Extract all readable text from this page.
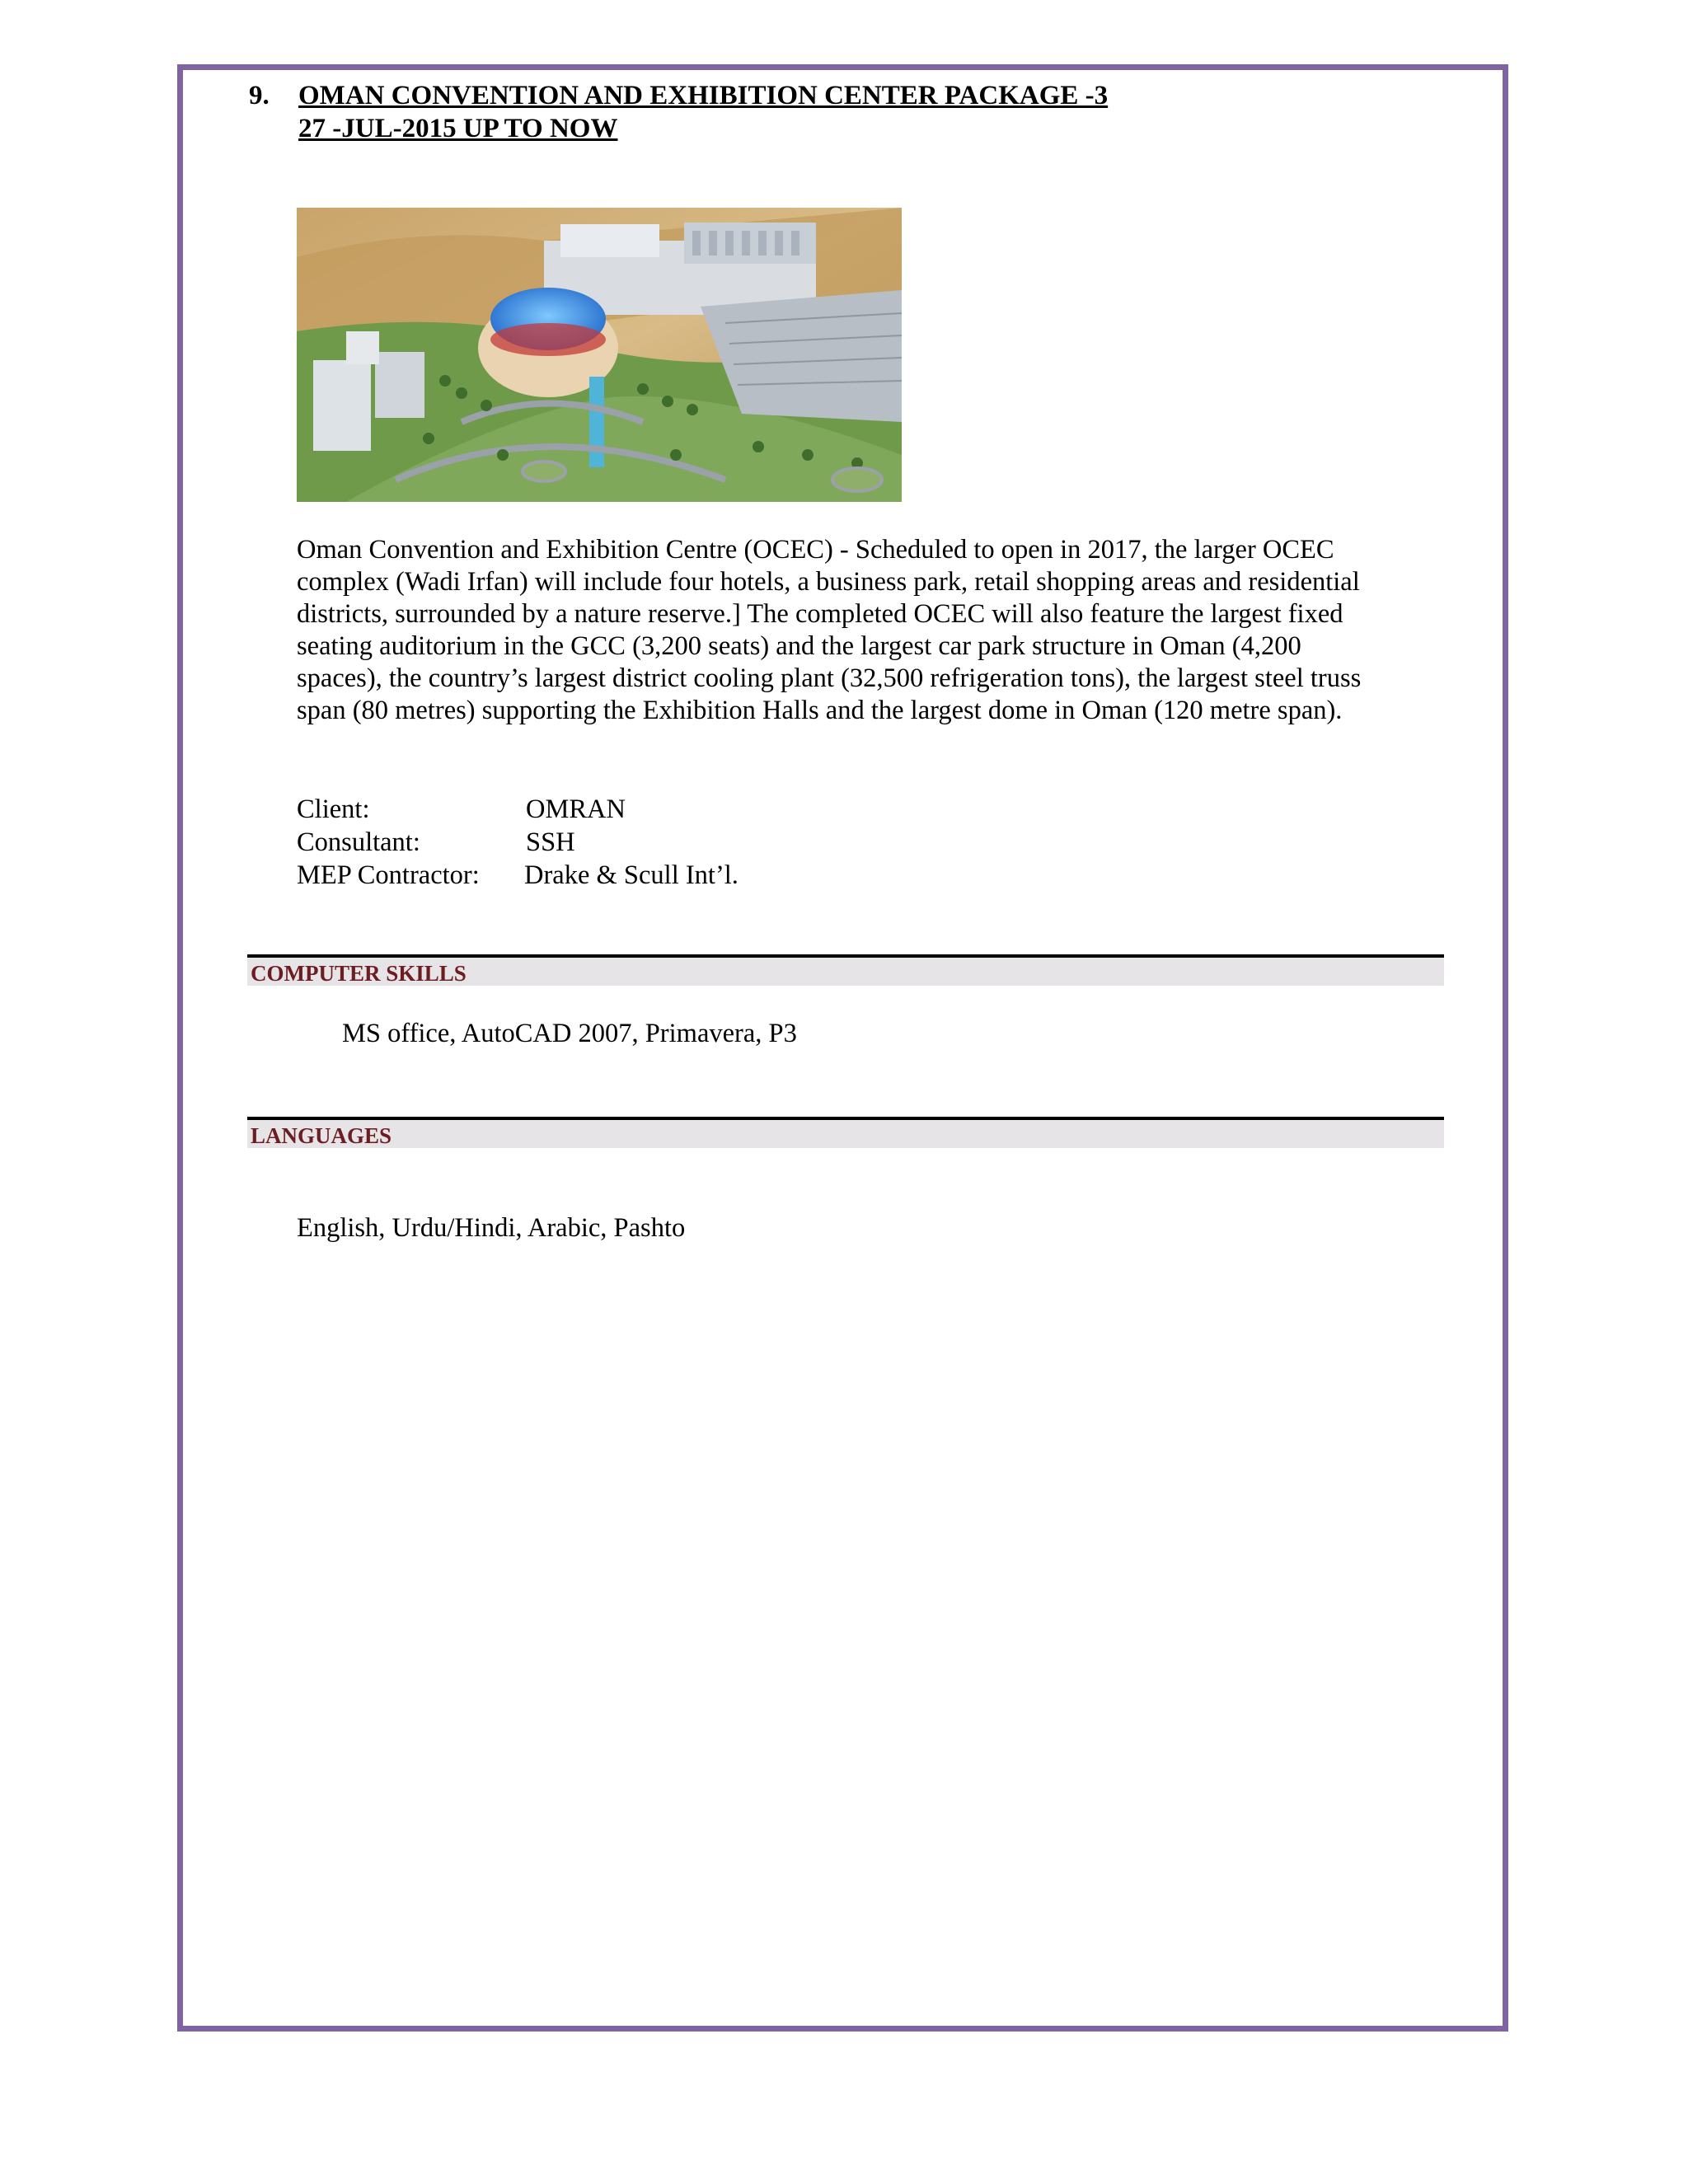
9. OMAN CONVENTION AND EXHIBITION CENTER PACKAGE -3
27 -JUL-2015 UP TO NOW

Oman Convention and Exhibition Centre (OCEC) - Scheduled to open in 2017, the larger OCEC

complex (Wadi Irfan) will include four hotels, a business park, retail shopping areas and residential

districts, surrounded by a nature reserve.] The completed OCEC will also feature the largest fixed

seating auditorium in the GCC (3,200 seats) and the largest car park structure in Oman (4,200

spaces), the country’s largest district cooling plant (32,500 refrigeration tons), the largest steel truss

span (80 metres) supporting the Exhibition Halls and the largest dome in Oman (120 metre span).

Client:	OMRAN
Consultant:	SSH
MEP Contractor: Drake & Scull Int’l.
COMPUTER SKILLS
MS office, AutoCAD 2007, Primavera, P3
LANGUAGES
English, Urdu/Hindi, Arabic, Pashto
